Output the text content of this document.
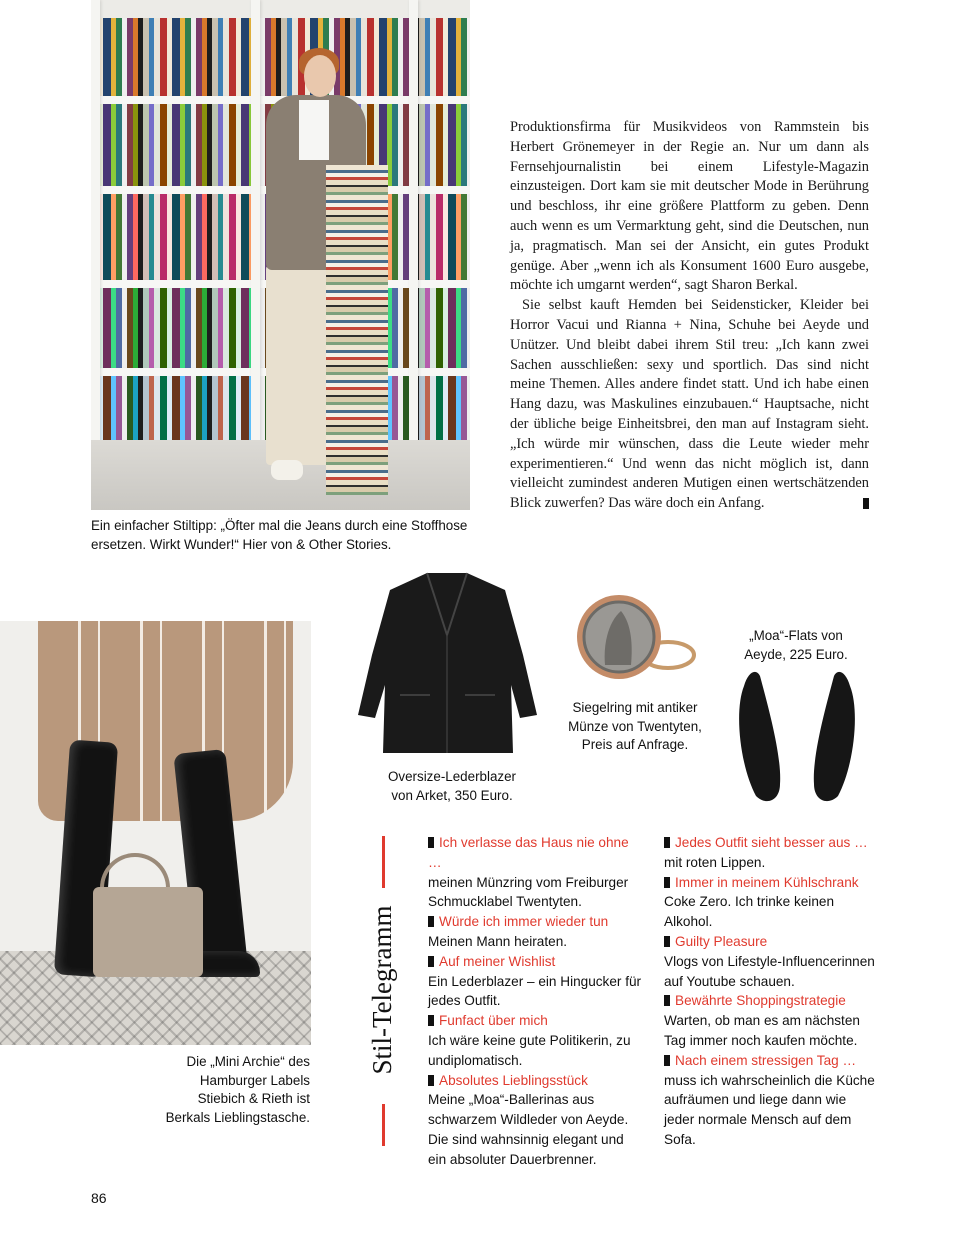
Ein einfacher Stiltipp: „Öfter mal die Jeans durch eine Stoffhose ersetzen. Wirkt Wunder!“ Hier von & Other Stories.

Produktionsfirma für Musikvideos von Rammstein bis Herbert Grönemeyer in der Regie an. Nur um dann als Fernsehjournalistin bei einem Lifestyle-Magazin einzusteigen. Dort kam sie mit deutscher Mode in Berührung und beschloss, ihr eine größere Plattform zu geben. Denn auch wenn es um Vermarktung geht, sind die Deutschen, nun ja, pragmatisch. Man sei der Ansicht, ein gutes Produkt genüge. Aber „wenn ich als Konsument 1600 Euro ausgebe, möchte ich umgarnt werden“, sagt Sharon Berkal.

Sie selbst kauft Hemden bei Seidensticker, Kleider bei Horror Vacui und Rianna + Nina, Schuhe bei Aeyde und Unützer. Und bleibt dabei ihrem Stil treu: „Ich kann zwei Sachen ausschließen: sexy und sportlich. Das sind nicht meine Themen. Alles andere findet statt. Und ich habe einen Hang dazu, was Maskulines einzubauen.“ Hauptsache, nicht der übliche beige Einheitsbrei, den man auf Instagram sieht. „Ich würde mir wünschen, dass die Leute wieder mehr experimentieren.“ Und wenn das nicht möglich ist, dann vielleicht zumindest anderen Mutigen einen wertschätzenden Blick zuwerfen? Das wäre doch ein Anfang.

Die „Mini Archie“ des Hamburger Labels Stiebich & Rieth ist Berkals Lieblingstasche.

Oversize-Lederblazer von Arket, 350 Euro.

Siegelring mit antiker Münze von Twentyten, Preis auf Anfrage.

„Moa“-Flats von Aeyde, 225 Euro.

Stil-Telegramm
Ich verlasse das Haus nie ohne …
meinen Münzring vom Freiburger Schmucklabel Twentyten.
Würde ich immer wieder tun
Meinen Mann heiraten.
Auf meiner Wishlist
Ein Lederblazer – ein Hingucker für jedes Outfit.
Funfact über mich
Ich wäre keine gute Politikerin, zu undiplomatisch.
Absolutes Lieblingsstück
Meine „Moa“-Ballerinas aus schwarzem Wildleder von Aeyde. Die sind wahnsinnig elegant und ein absoluter Dauerbrenner.
Jedes Outfit sieht besser aus …
mit roten Lippen.
Immer in meinem Kühlschrank
Coke Zero. Ich trinke keinen Alkohol.
Guilty Pleasure
Vlogs von Lifestyle-Influencerinnen auf Youtube schauen.
Bewährte Shoppingstrategie
Warten, ob man es am nächsten Tag immer noch kaufen möchte.
Nach einem stressigen Tag …
muss ich wahrscheinlich die Küche aufräumen und liege dann wie jeder normale Mensch auf dem Sofa.
86
